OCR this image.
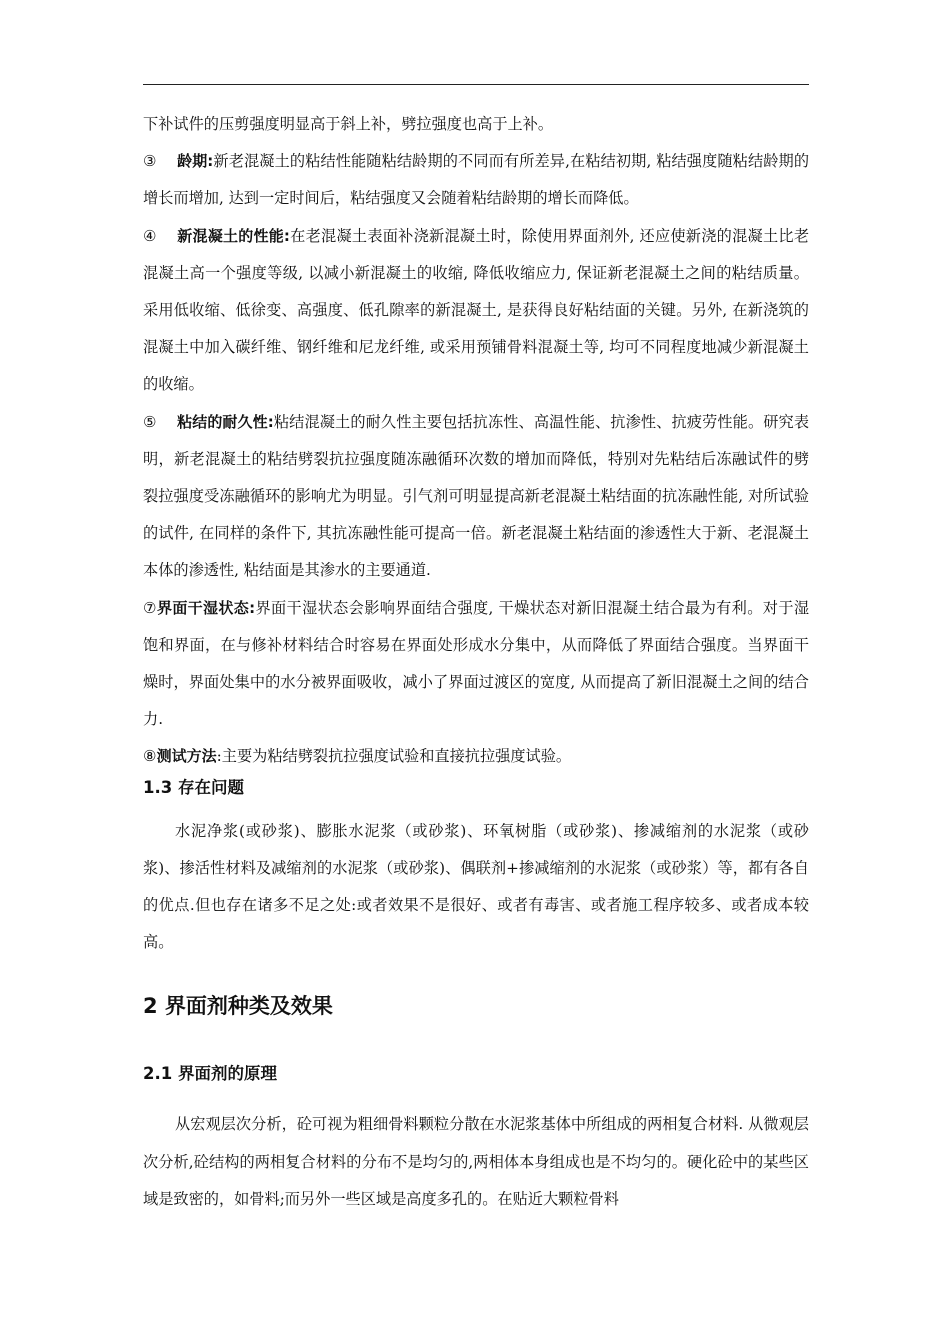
下补试件的压剪强度明显高于斜上补，劈拉强度也高于上补。

③ 龄期:新老混凝土的粘结性能随粘结龄期的不同而有所差异,在粘结初期, 粘结强度随粘结龄期的增长而增加, 达到一定时间后，粘结强度又会随着粘结龄期的增长而降低。

④ 新混凝土的性能:在老混凝土表面补浇新混凝土时，除使用界面剂外, 还应使新浇的混凝土比老混凝土高一个强度等级, 以减小新混凝土的收缩, 降低收缩应力, 保证新老混凝土之间的粘结质量。采用低收缩、低徐变、高强度、低孔隙率的新混凝土, 是获得良好粘结面的关键。另外, 在新浇筑的混凝土中加入碳纤维、钢纤维和尼龙纤维, 或采用预铺骨料混凝土等, 均可不同程度地减少新混凝土的收缩。

⑤ 粘结的耐久性:粘结混凝土的耐久性主要包括抗冻性、高温性能、抗渗性、抗疲劳性能。研究表明，新老混凝土的粘结劈裂抗拉强度随冻融循环次数的增加而降低，特别对先粘结后冻融试件的劈裂拉强度受冻融循环的影响尤为明显。引气剂可明显提高新老混凝土粘结面的抗冻融性能, 对所试验的试件, 在同样的条件下, 其抗冻融性能可提高一倍。新老混凝土粘结面的渗透性大于新、老混凝土本体的渗透性, 粘结面是其渗水的主要通道.

⑦界面干湿状态:界面干湿状态会影响界面结合强度, 干燥状态对新旧混凝土结合最为有利。对于湿饱和界面，在与修补材料结合时容易在界面处形成水分集中，从而降低了界面结合强度。当界面干燥时，界面处集中的水分被界面吸收，减小了界面过渡区的宽度, 从而提高了新旧混凝土之间的结合力.

⑧测试方法:主要为粘结劈裂抗拉强度试验和直接抗拉强度试验。

1.3 存在问题

水泥净浆(或砂浆)、膨胀水泥浆（或砂浆)、环氧树脂（或砂浆)、掺减缩剂的水泥浆（或砂浆)、掺活性材料及减缩剂的水泥浆（或砂浆)、偶联剂+掺减缩剂的水泥浆（或砂浆）等，都有各自的优点.但也存在诸多不足之处:或者效果不是很好、或者有毒害、或者施工程序较多、或者成本较高。

2 界面剂种类及效果
2.1 界面剂的原理

从宏观层次分析，砼可视为粗细骨料颗粒分散在水泥浆基体中所组成的两相复合材料. 从微观层次分析,砼结构的两相复合材料的分布不是均匀的,两相体本身组成也是不均匀的。硬化砼中的某些区域是致密的，如骨料;而另外一些区域是高度多孔的。在贴近大颗粒骨料
